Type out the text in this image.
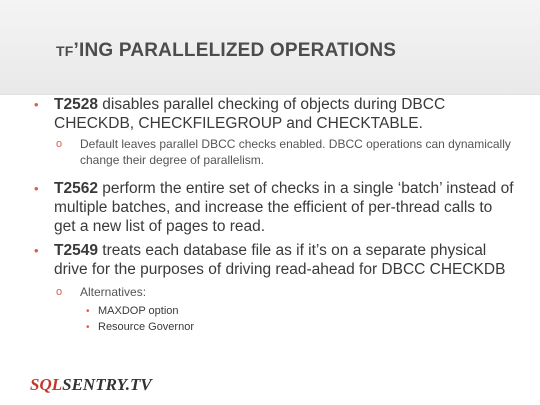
TF’ING PARALLELIZED OPERATIONS
• T2528 disables parallel checking of objects during DBCC CHECKDB, CHECKFILEGROUP and CHECKTABLE.
o Default leaves parallel DBCC checks enabled. DBCC operations can dynamically change their degree of parallelism.
• T2562 perform the entire set of checks in a single ‘batch’ instead of multiple batches, and increase the efficient of per-thread calls to get a new list of pages to read.
• T2549 treats each database file as if it’s on a separate physical drive for the purposes of driving read-ahead for DBCC CHECKDB
o Alternatives:
• MAXDOP option
• Resource Governor
SQLSENTRY.TV
